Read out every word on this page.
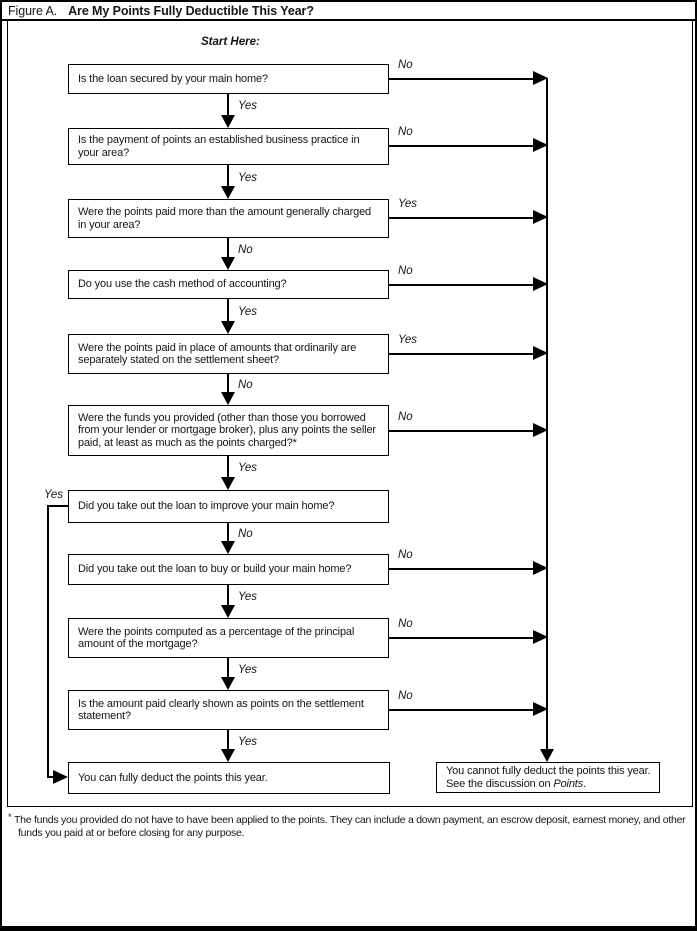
Figure A. Are My Points Fully Deductible This Year?
Start Here:
Is the loan secured by your main home?
Is the payment of points an established business practice in your area?
Were the points paid more than the amount generally charged in your area?
Do you use the cash method of accounting?
Were the points paid in place of amounts that ordinarily are separately stated on the settlement sheet?
Were the funds you provided (other than those you borrowed from your lender or mortgage broker), plus any points the seller paid, at least as much as the points charged?*
Did you take out the loan to improve your main home?
Did you take out the loan to buy or build your main home?
Were the points computed as a percentage of the principal amount of the mortgage?
Is the amount paid clearly shown as points on the settlement statement?
You can fully deduct the points this year.
You cannot fully deduct the points this year. See the discussion on Points.
No
No
Yes
No
Yes
No
No
No
No
Yes
Yes
No
Yes
No
Yes
No
Yes
Yes
Yes
Yes
* The funds you provided do not have to have been applied to the points. They can include a down payment, an escrow deposit, earnest money, and other funds you paid at or before closing for any purpose.
